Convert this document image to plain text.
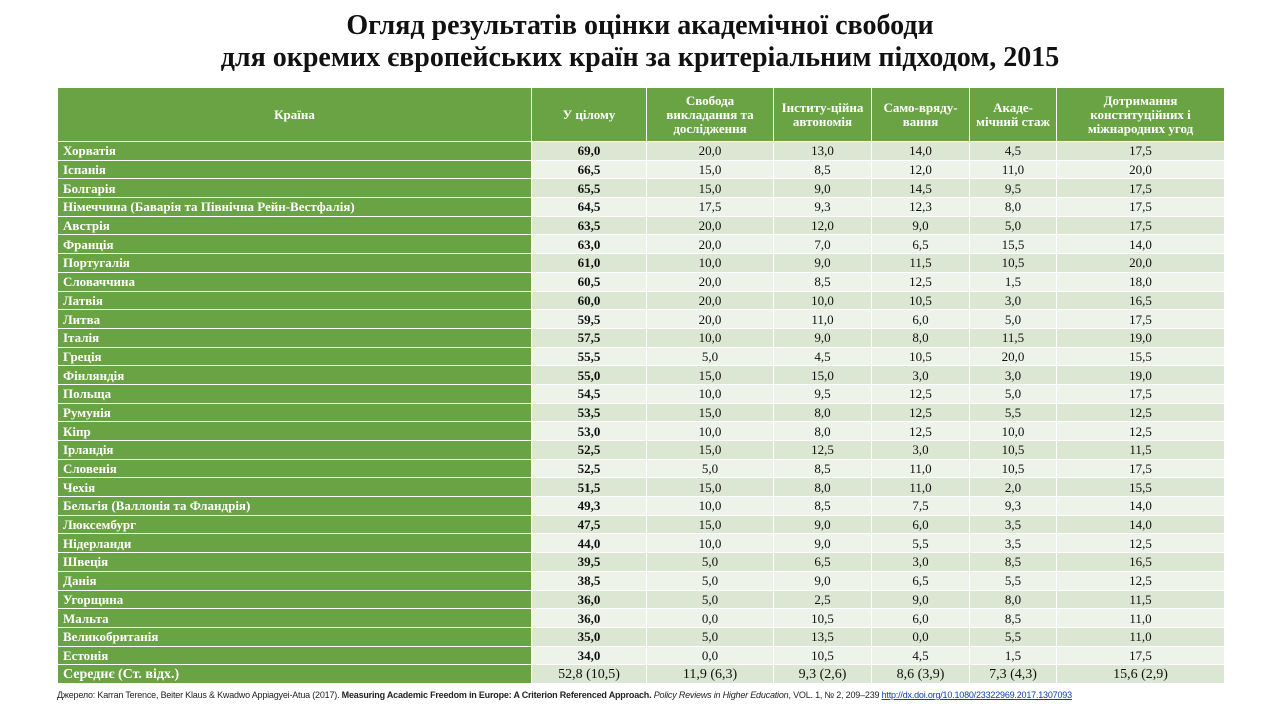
Огляд результатів оцінки академічної свободи
для окремих європейських країн за критеріальним підходом, 2015
Країна	У цілому	Свобода викладання та дослідження	Інститу-ційна автономія	Само-вряду-вання	Акаде-мічний стаж	Дотримання конституційних і міжнародних угод
Хорватія	69,0	20,0	13,0	14,0	4,5	17,5
Іспанія	66,5	15,0	8,5	12,0	11,0	20,0
Болгарія	65,5	15,0	9,0	14,5	9,5	17,5
Німеччина (Баварія та Північна Рейн-Вестфалія)	64,5	17,5	9,3	12,3	8,0	17,5
Австрія	63,5	20,0	12,0	9,0	5,0	17,5
Франція	63,0	20,0	7,0	6,5	15,5	14,0
Португалія	61,0	10,0	9,0	11,5	10,5	20,0
Словаччина	60,5	20,0	8,5	12,5	1,5	18,0
Латвія	60,0	20,0	10,0	10,5	3,0	16,5
Литва	59,5	20,0	11,0	6,0	5,0	17,5
Італія	57,5	10,0	9,0	8,0	11,5	19,0
Греція	55,5	5,0	4,5	10,5	20,0	15,5
Фінляндія	55,0	15,0	15,0	3,0	3,0	19,0
Польща	54,5	10,0	9,5	12,5	5,0	17,5
Румунія	53,5	15,0	8,0	12,5	5,5	12,5
Кіпр	53,0	10,0	8,0	12,5	10,0	12,5
Ірландія	52,5	15,0	12,5	3,0	10,5	11,5
Словенія	52,5	5,0	8,5	11,0	10,5	17,5
Чехія	51,5	15,0	8,0	11,0	2,0	15,5
Бельгія (Валлонія та Фландрія)	49,3	10,0	8,5	7,5	9,3	14,0
Люксембург	47,5	15,0	9,0	6,0	3,5	14,0
Нідерланди	44,0	10,0	9,0	5,5	3,5	12,5
Швеція	39,5	5,0	6,5	3,0	8,5	16,5
Данія	38,5	5,0	9,0	6,5	5,5	12,5
Угорщина	36,0	5,0	2,5	9,0	8,0	11,5
Мальта	36,0	0,0	10,5	6,0	8,5	11,0
Великобританія	35,0	5,0	13,5	0,0	5,5	11,0
Естонія	34,0	0,0	10,5	4,5	1,5	17,5
Середнє (Ст. відх.)	52,8 (10,5)	11,9 (6,3)	9,3 (2,6)	8,6 (3,9)	7,3 (4,3)	15,6 (2,9)
Джерело: Karran Terence, Beiter Klaus & Kwadwo Appiagyei-Atua (2017). Measuring Academic Freedom in Europe: A Criterion Referenced Approach. Policy Reviews in Higher Education, VOL. 1, № 2, 209–239 http://dx.doi.org/10.1080/23322969.2017.1307093
